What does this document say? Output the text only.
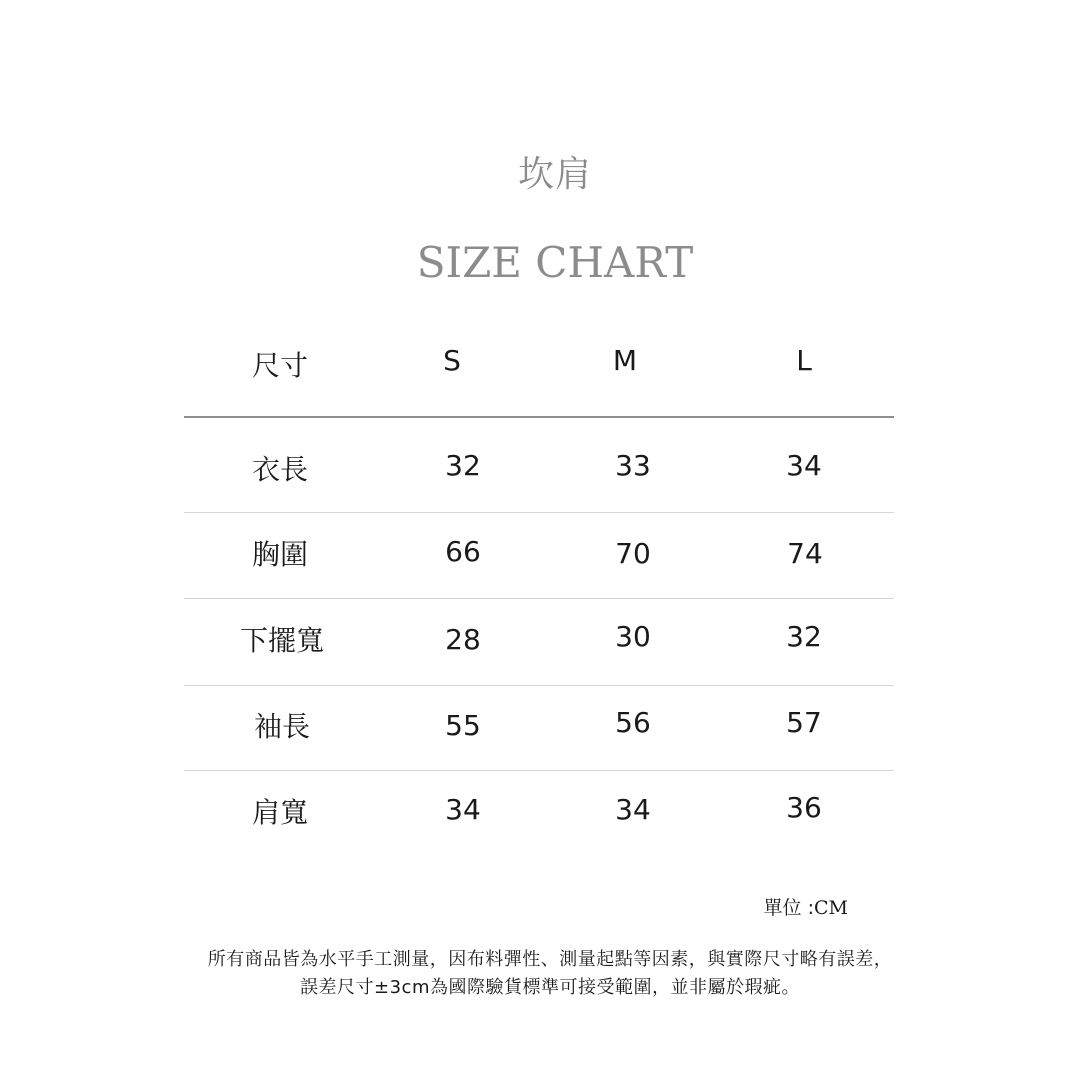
坎肩
SIZE CHART
尺寸	S	M	L
衣長	32	33	34
胸圍	66	70	74
下擺寬	28	30	32
袖長	55	56	57
肩寬	34	34	36
單位 :CM
所有商品皆為水平手工測量，因布料彈性、測量起點等因素，與實際尺寸略有誤差，
誤差尺寸±3cm為國際驗貨標準可接受範圍，並非屬於瑕疵。
